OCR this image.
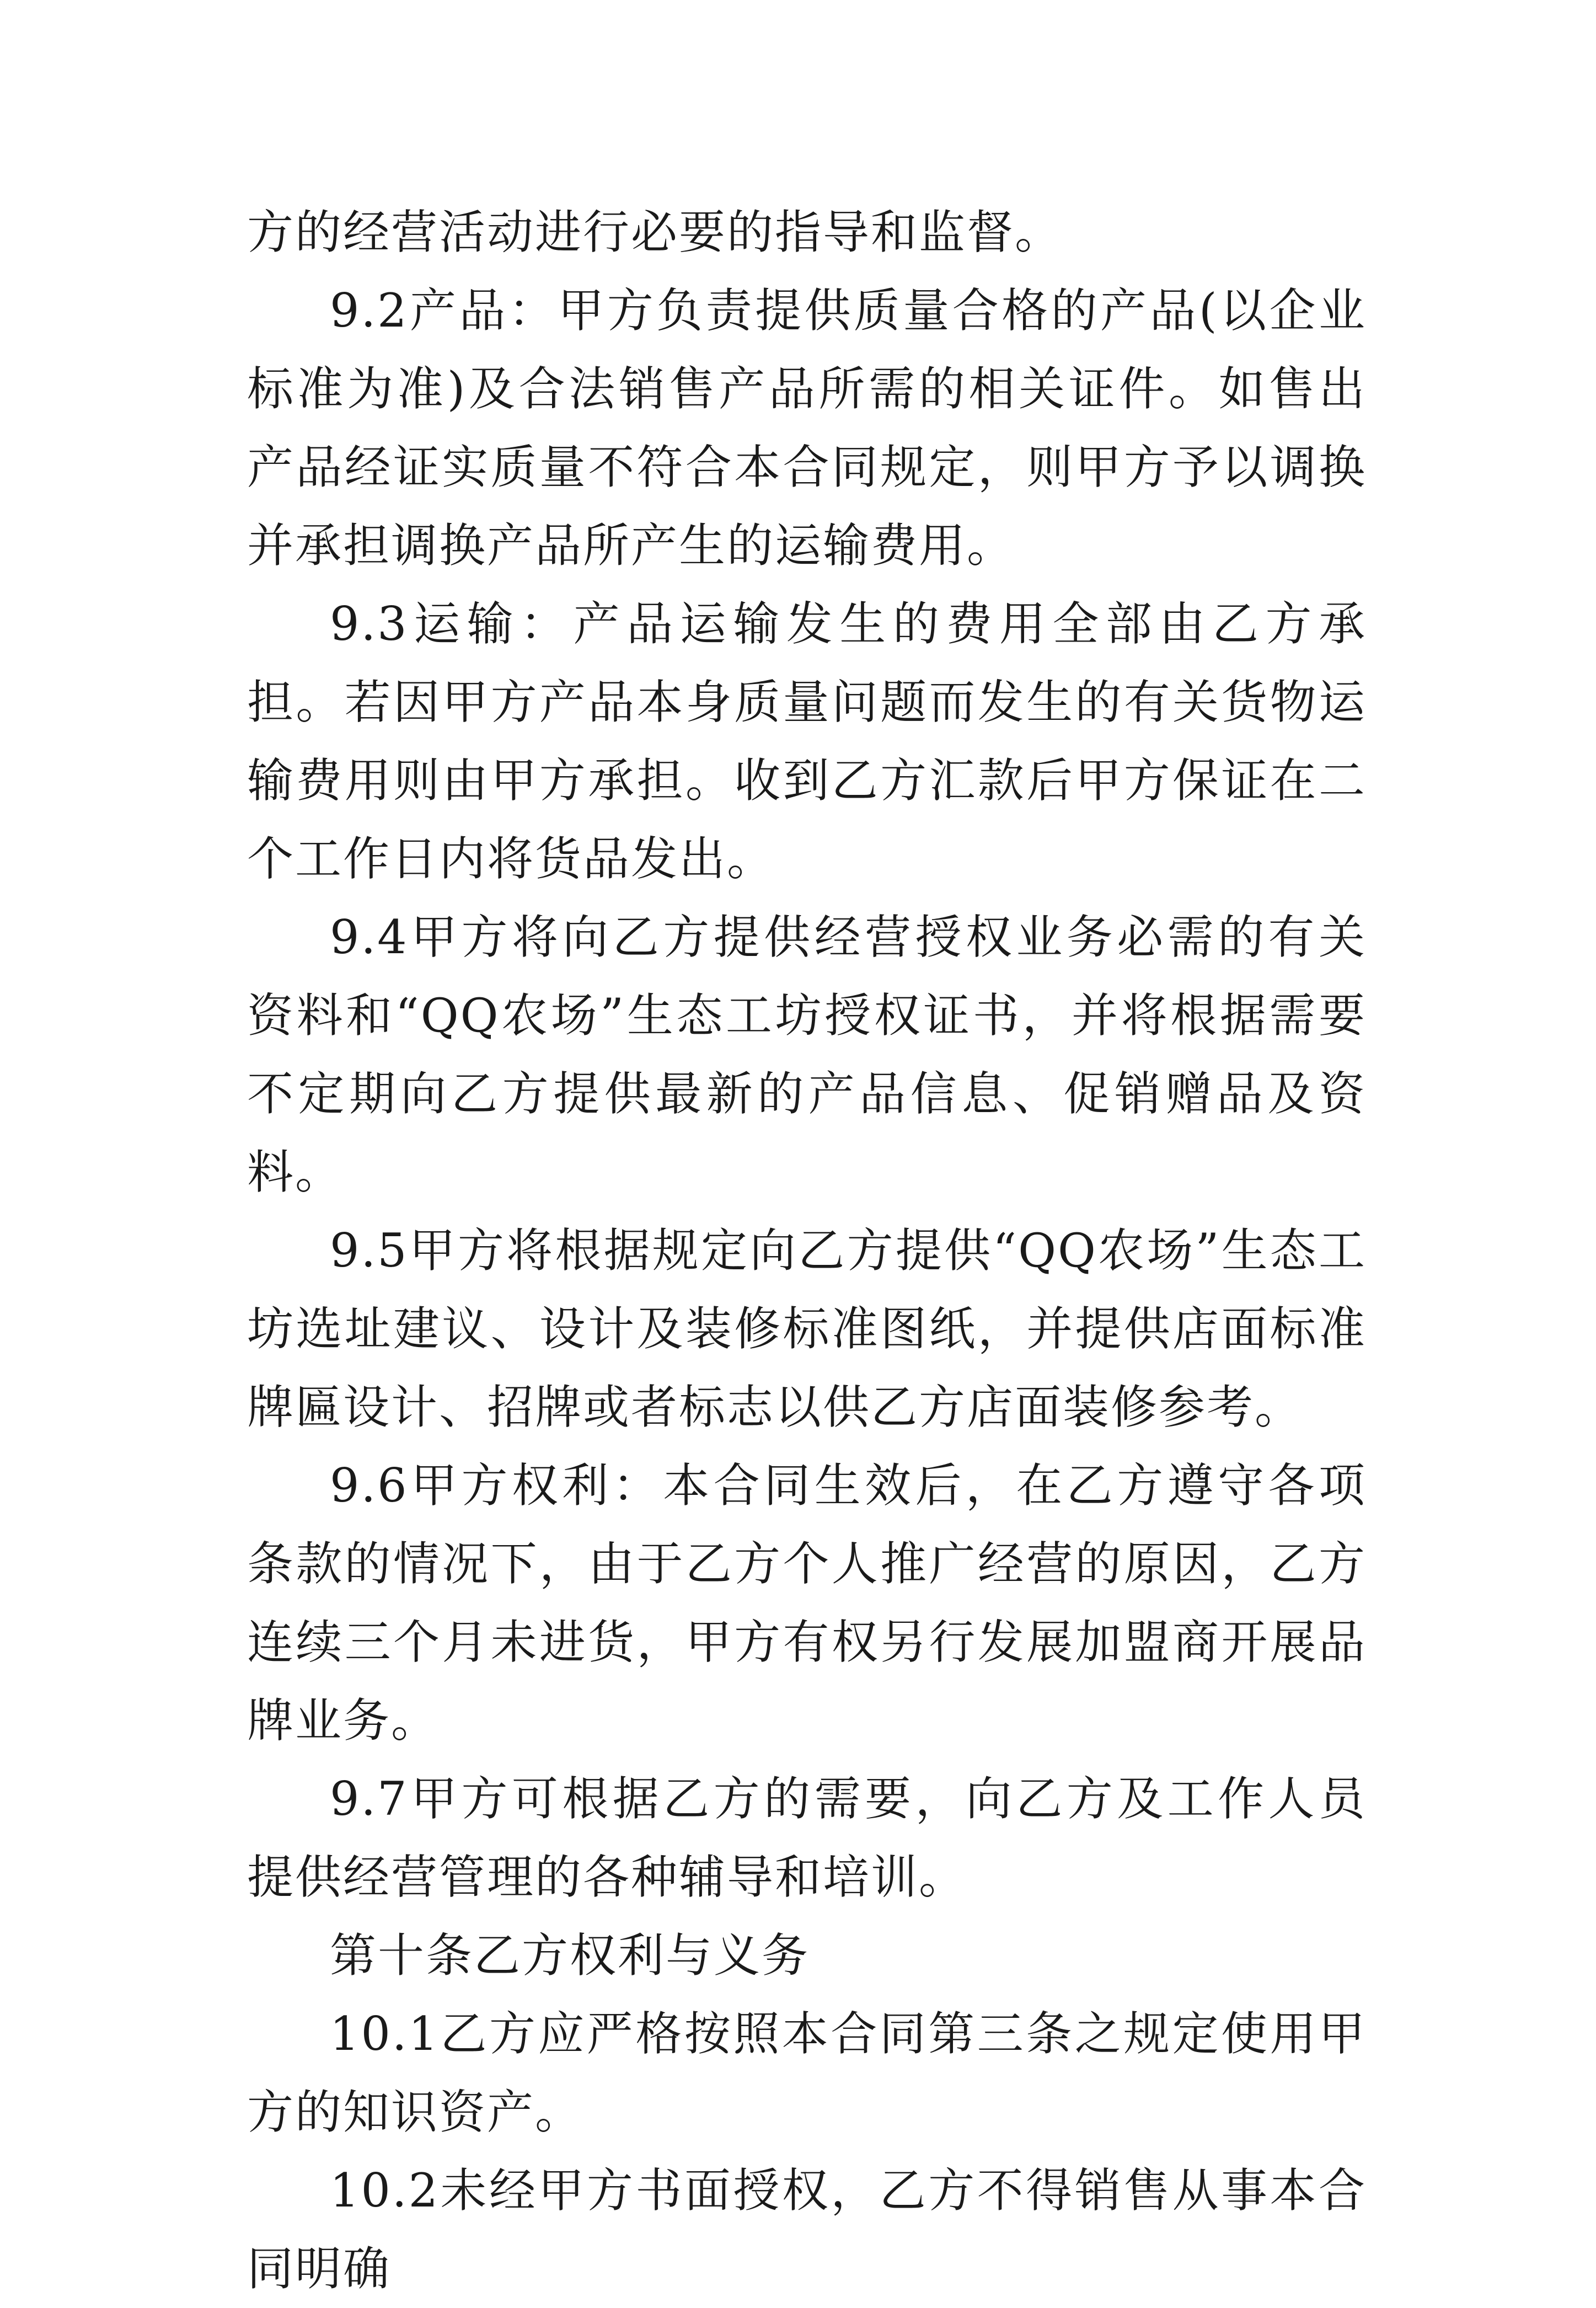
方的经营活动进行必要的指导和监督。

9.2产品：甲方负责提供质量合格的产品(以企业标准为准)及合法销售产品所需的相关证件。如售出产品经证实质量不符合本合同规定，则甲方予以调换并承担调换产品所产生的运输费用。

9.3运输：产品运输发生的费用全部由乙方承担。若因甲方产品本身质量问题而发生的有关货物运输费用则由甲方承担。收到乙方汇款后甲方保证在二个工作日内将货品发出。

9.4甲方将向乙方提供经营授权业务必需的有关资料和“QQ农场”生态工坊授权证书，并将根据需要不定期向乙方提供最新的产品信息、促销赠品及资料。

9.5甲方将根据规定向乙方提供“QQ农场”生态工坊选址建议、设计及装修标准图纸，并提供店面标准牌匾设计、招牌或者标志以供乙方店面装修参考。

9.6甲方权利：本合同生效后，在乙方遵守各项条款的情况下，由于乙方个人推广经营的原因，乙方连续三个月未进货，甲方有权另行发展加盟商开展品牌业务。

9.7甲方可根据乙方的需要，向乙方及工作人员提供经营管理的各种辅导和培训。

第十条乙方权利与义务

10.1乙方应严格按照本合同第三条之规定使用甲方的知识资产。

10.2未经甲方书面授权，乙方不得销售从事本合同明确
